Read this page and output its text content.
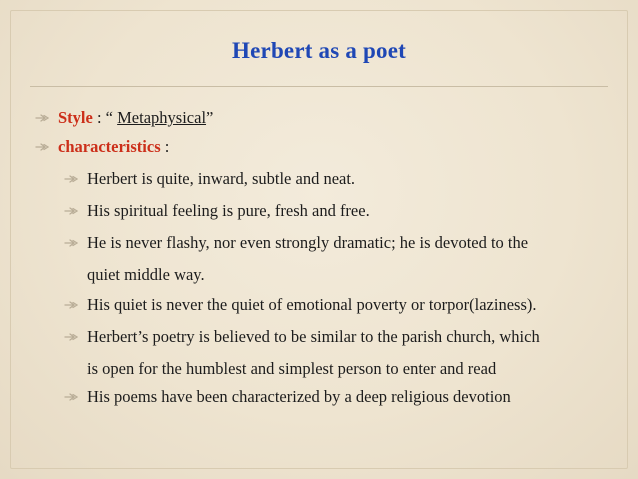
Herbert as a poet
Style : “ Metaphysical”
characteristics :
Herbert is quite, inward, subtle and neat.
His spiritual feeling is pure, fresh and free.
He is never flashy, nor even strongly dramatic; he is devoted to the
quiet middle way.
His quiet is never the quiet of emotional poverty or torpor(laziness).
Herbert’s poetry is believed to be similar to the parish church, which
is open for the humblest and simplest person to enter and read
His poems have been characterized by a deep religious devotion
